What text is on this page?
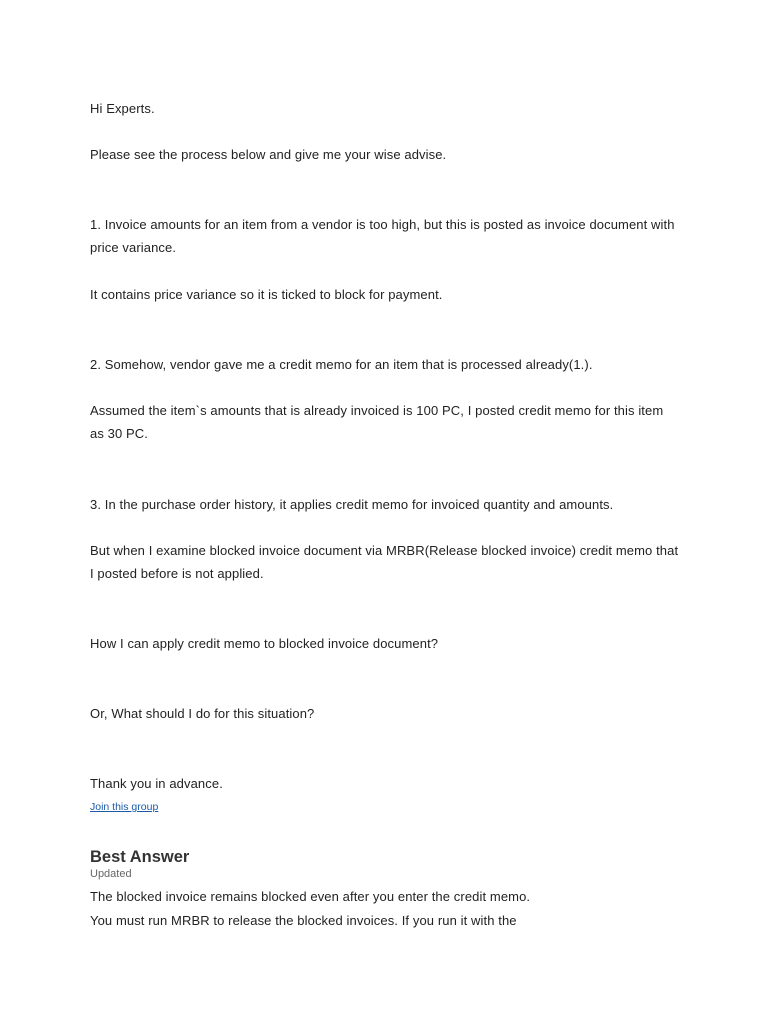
Hi Experts.
Please see the process below and give me your wise advise.
1. Invoice amounts for an item from a vendor is too high, but this is posted as invoice document with
price variance.
It contains price variance so it is ticked to block for payment.
2. Somehow, vendor gave me a credit memo for an item that is processed already(1.).
Assumed the item`s amounts that is already invoiced is 100 PC, I posted credit memo for this item
as 30 PC.
3. In the purchase order history, it applies credit memo for invoiced quantity and amounts.
But when I examine blocked invoice document via MRBR(Release blocked invoice) credit memo that
I posted before is not applied.
How I can apply credit memo to blocked invoice document?
Or, What should I do for this situation?
Thank you in advance.
Join this group
Best Answer
Updated
The blocked invoice remains blocked even after you enter the credit memo.
You must run MRBR to release the blocked invoices. If you run it with the
